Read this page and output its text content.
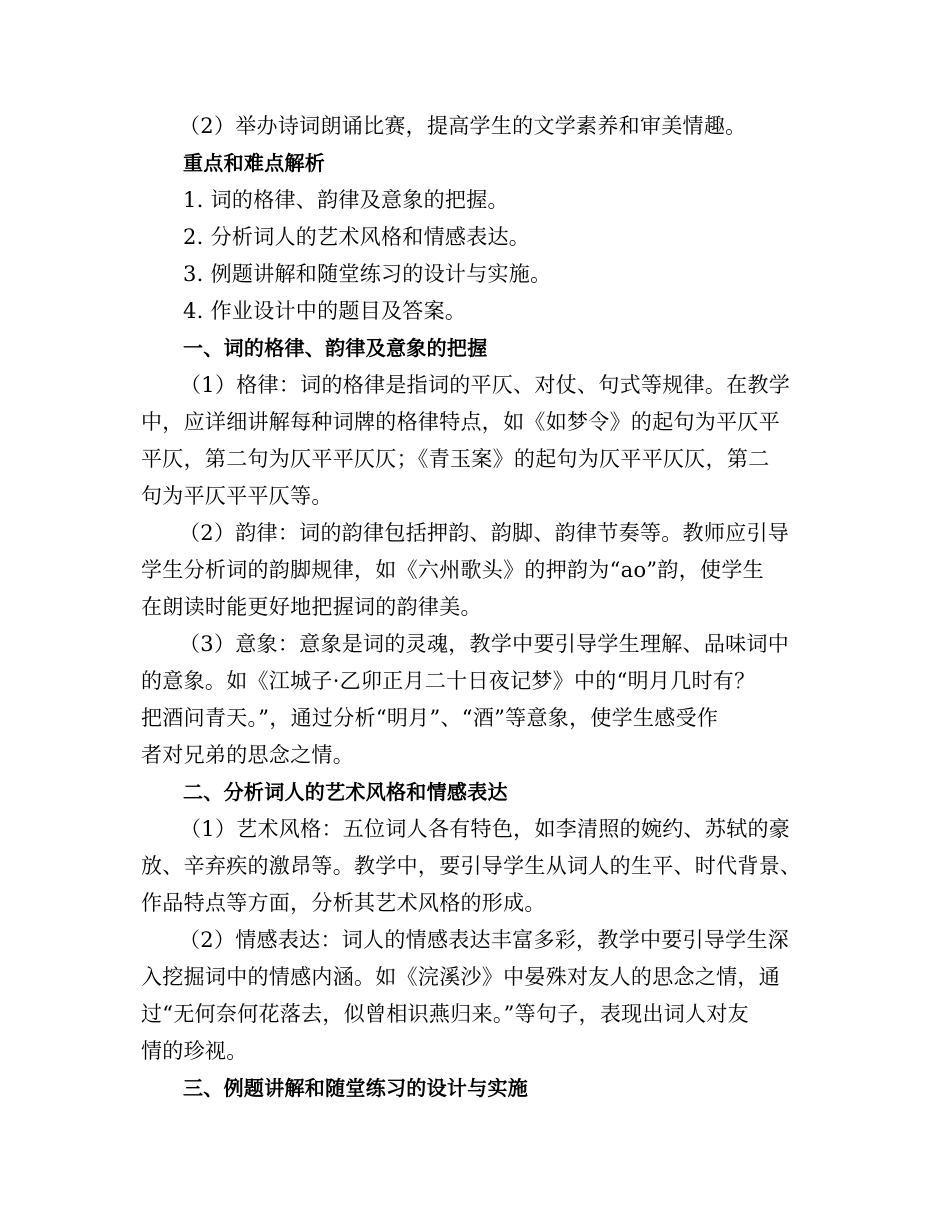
（2）举办诗词朗诵比赛，提高学生的文学素养和审美情趣。
重点和难点解析
1. 词的格律、韵律及意象的把握。
2. 分析词人的艺术风格和情感表达。
3. 例题讲解和随堂练习的设计与实施。
4. 作业设计中的题目及答案。
一、词的格律、韵律及意象的把握
（1）格律：词的格律是指词的平仄、对仗、句式等规律。在教学
中，应详细讲解每种词牌的格律特点，如《如梦令》的起句为平仄平
平仄，第二句为仄平平仄仄；《青玉案》的起句为仄平平仄仄，第二
句为平仄平平仄等。
（2）韵律：词的韵律包括押韵、韵脚、韵律节奏等。教师应引导
学生分析词的韵脚规律，如《六州歌头》的押韵为“ao”韵，使学生
在朗读时能更好地把握词的韵律美。
（3）意象：意象是词的灵魂，教学中要引导学生理解、品味词中
的意象。如《江城子·乙卯正月二十日夜记梦》中的“明月几时有？
把酒问青天。”，通过分析“明月”、“酒”等意象，使学生感受作
者对兄弟的思念之情。
二、分析词人的艺术风格和情感表达
（1）艺术风格：五位词人各有特色，如李清照的婉约、苏轼的豪
放、辛弃疾的激昂等。教学中，要引导学生从词人的生平、时代背景、
作品特点等方面，分析其艺术风格的形成。
（2）情感表达：词人的情感表达丰富多彩，教学中要引导学生深
入挖掘词中的情感内涵。如《浣溪沙》中晏殊对友人的思念之情，通
过“无何奈何花落去，似曾相识燕归来。”等句子，表现出词人对友
情的珍视。
三、例题讲解和随堂练习的设计与实施
